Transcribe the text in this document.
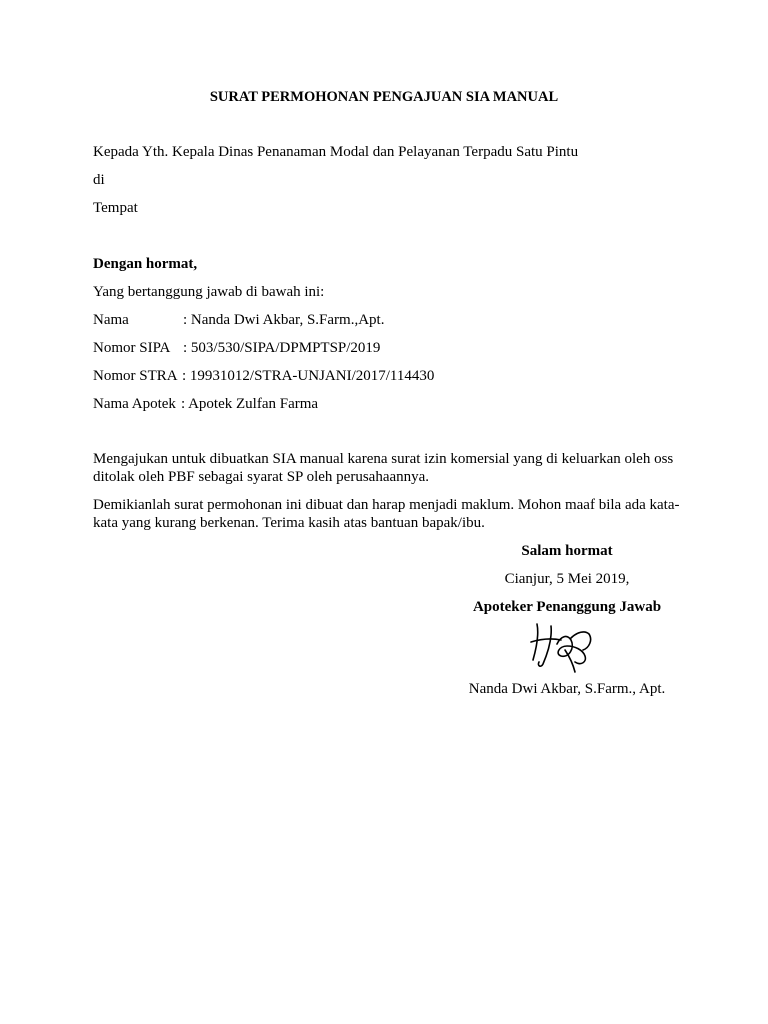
SURAT PERMOHONAN PENGAJUAN SIA MANUAL
Kepada Yth. Kepala Dinas Penanaman Modal dan Pelayanan Terpadu Satu Pintu
di
Tempat
Dengan hormat,
Yang bertanggung jawab di bawah ini:
Nama	: Nanda Dwi Akbar, S.Farm.,Apt.
Nomor SIPA : 503/530/SIPA/DPMPTSP/2019
Nomor STRA : 19931012/STRA-UNJANI/2017/114430
Nama Apotek : Apotek Zulfan Farma
Mengajukan untuk dibuatkan SIA manual karena surat izin komersial yang di keluarkan oleh oss ditolak oleh PBF sebagai syarat SP oleh perusahaannya.
Demikianlah surat permohonan ini dibuat dan harap menjadi maklum. Mohon maaf bila ada kata-kata yang kurang berkenan. Terima kasih atas bantuan bapak/ibu.
Salam hormat
Cianjur, 5 Mei 2019,
Apoteker Penanggung Jawab
Nanda Dwi Akbar, S.Farm., Apt.
